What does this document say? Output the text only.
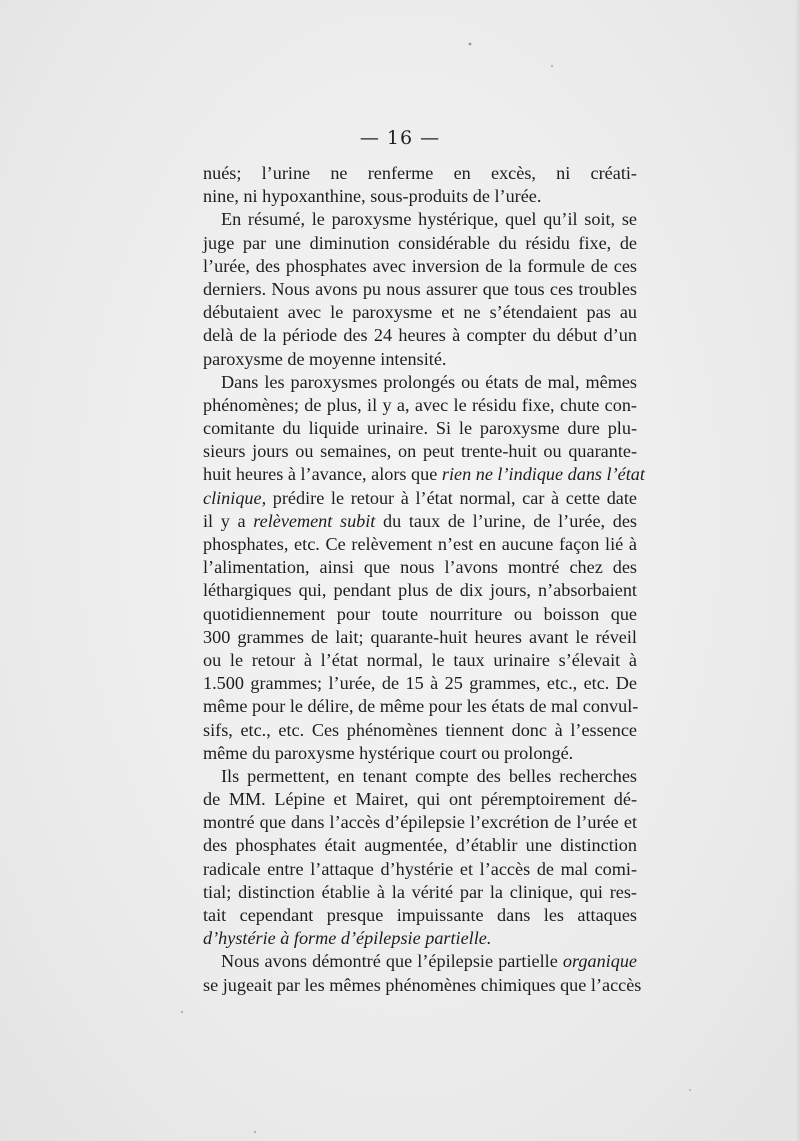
— 16 —
nués; l’urine ne renferme en excès, ni créati-
nine, ni hypoxanthine, sous-produits de l’urée.
En résumé, le paroxysme hystérique, quel qu’il soit, se
juge par une diminution considérable du résidu fixe, de
l’urée, des phosphates avec inversion de la formule de ces
derniers. Nous avons pu nous assurer que tous ces troubles
débutaient avec le paroxysme et ne s’étendaient pas au
delà de la période des 24 heures à compter du début d’un
paroxysme de moyenne intensité.
Dans les paroxysmes prolongés ou états de mal, mêmes
phénomènes; de plus, il y a, avec le résidu fixe, chute con-
comitante du liquide urinaire. Si le paroxysme dure plu-
sieurs jours ou semaines, on peut trente-huit ou quarante-
huit heures à l’avance, alors que rien ne l’indique dans l’état
clinique, prédire le retour à l’état normal, car à cette date
il y a relèvement subit du taux de l’urine, de l’urée, des
phosphates, etc. Ce relèvement n’est en aucune façon lié à
l’alimentation, ainsi que nous l’avons montré chez des
léthargiques qui, pendant plus de dix jours, n’absorbaient
quotidiennement pour toute nourriture ou boisson que
300 grammes de lait; quarante-huit heures avant le réveil
ou le retour à l’état normal, le taux urinaire s’élevait à
1.500 grammes; l’urée, de 15 à 25 grammes, etc., etc. De
même pour le délire, de même pour les états de mal convul-
sifs, etc., etc. Ces phénomènes tiennent donc à l’essence
même du paroxysme hystérique court ou prolongé.
Ils permettent, en tenant compte des belles recherches
de MM. Lépine et Mairet, qui ont péremptoirement dé-
montré que dans l’accès d’épilepsie l’excrétion de l’urée et
des phosphates était augmentée, d’établir une distinction
radicale entre l’attaque d’hystérie et l’accès de mal comi-
tial; distinction établie à la vérité par la clinique, qui res-
tait cependant presque impuissante dans les attaques
d’hystérie à forme d’épilepsie partielle.
Nous avons démontré que l’épilepsie partielle organique
se jugeait par les mêmes phénomènes chimiques que l’accès
